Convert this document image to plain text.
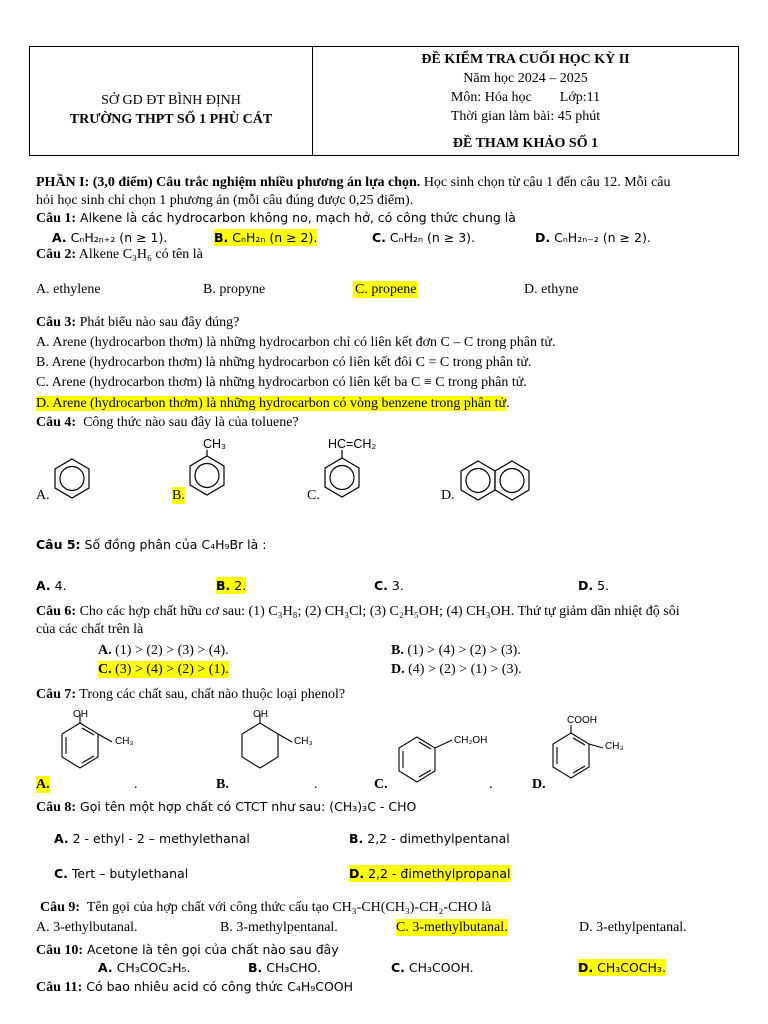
SỞ GD ĐT BÌNH ĐỊNH
TRƯỜNG THPT SỐ 1 PHÙ CÁT

ĐỀ KIỂM TRA CUỐI HỌC KỲ II
Năm học 2024 – 2025
Môn: Hóa học        Lớp:11
Thời gian làm bài: 45 phút
ĐỀ THAM KHẢO SỐ 1
PHẦN I: (3,0 điểm) Câu trắc nghiệm nhiều phương án lựa chọn. Học sinh chọn từ câu 1 đến câu 12. Mỗi câu
hỏi học sinh chỉ chọn 1 phương án (mỗi câu đúng được 0,25 điểm).
Câu 1: Alkene là các hydrocarbon không no, mạch hở, có công thức chung là
A. CₙH₂ₙ₊₂ (n ≥ 1).	B. CₙH₂ₙ (n ≥ 2).	C. CₙH₂ₙ (n ≥ 3).	D. CₙH₂ₙ₋₂ (n ≥ 2).
Câu 2: Alkene C₃H₆ có tên là
A. ethylene	B. propyne	C. propene	D. ethyne
Câu 3: Phát biểu nào sau đây đúng?
A. Arene (hydrocarbon thơm) là những hydrocarbon chỉ có liên kết đơn C – C trong phân tử.
B. Arene (hydrocarbon thơm) là những hydrocarbon có liên kết đôi C = C trong phân tử.
C. Arene (hydrocarbon thơm) là những hydrocarbon có liên kết ba C ≡ C trong phân tử.
D. Arene (hydrocarbon thơm) là những hydrocarbon có vòng benzene trong phân tử.
Câu 4:  Công thức nào sau đây là của toluene?
A.	B.	C.	D.
CH₃	HC=CH₂
Câu 5: Số đồng phân của C₄H₉Br là :
A. 4.	B. 2.	C. 3.	D. 5.
Câu 6: Cho các hợp chất hữu cơ sau: (1) C₃H₈; (2) CH₃Cl; (3) C₂H₅OH; (4) CH₃OH. Thứ tự giảm dần nhiệt độ sôi
của các chất trên là
A. (1) > (2) > (3) > (4).	B. (1) > (4) > (2) > (3).
C. (3) > (4) > (2) > (1).	D. (4) > (2) > (1) > (3).
Câu 7: Trong các chất sau, chất nào thuộc loại phenol?
A.	.	B.	.	C.	.	D.
OH
CH₃
OH
CH₃	CH₂OH
COOH
CH₃
Câu 8: Gọi tên một hợp chất có CTCT như sau: (CH₃)₃C - CHO
A. 2 - ethyl - 2 – methylethanal	B. 2,2 - dimethylpentanal
C. Tert – butylethanal	D. 2,2 - đimethylpropanal
Câu 9:  Tên gọi của hợp chất với công thức cấu tạo CH₃-CH(CH₃)-CH₂-CHO là
A. 3-ethylbutanal.	B. 3-methylpentanal.	C. 3-methylbutanal.	D. 3-ethylpentanal.
Câu 10: Acetone là tên gọi của chất nào sau đây
A. CH₃COC₂H₅.	B. CH₃CHO.	C. CH₃COOH.	D. CH₃COCH₃.
Câu 11: Có bao nhiêu acid có công thức C₄H₉COOH
